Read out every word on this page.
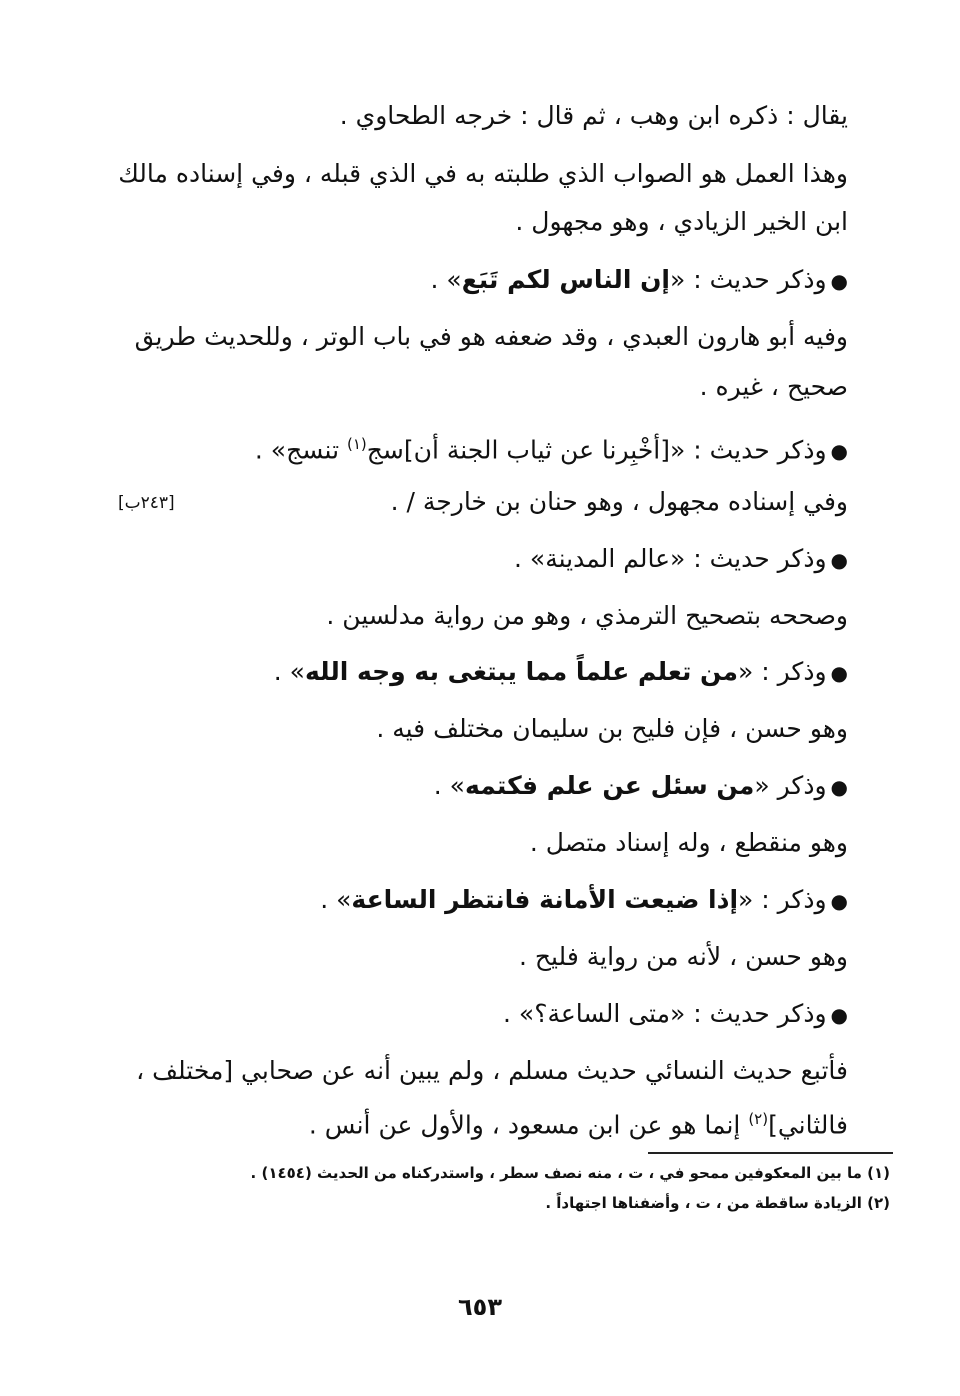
يقال : ذكره ابن وهب ، ثم قال : خرجه الطحاوي .
وهذا العمل هو الصواب الذي طلبته به في الذي قبله ، وفي إسناده مالك
ابن الخير الزيادي ، وهو مجهول .
● وذكر حديث : «إن الناس لكم تَبَع» .
وفيه أبو هارون العبدي ، وقد ضعفه هو في باب الوتر ، وللحديث طريق
صحيح ، غيره .
● وذكر حديث : «[أخْبِرنا عن ثياب الجنة أن]سج$^{(١)}$ تنسج» .
وفي إسناده مجهول ، وهو حنان بن خارجة / .
[٢٤٣ب]
● وذكر حديث : «عالم المدينة» .
وصححه بتصحيح الترمذي ، وهو من رواية مدلسين .
● وذكر : «من تعلم علماً مما يبتغى به وجه الله» .
وهو حسن ، فإن فليح بن سليمان مختلف فيه .
● وذكر «من سئل عن علم فكتمه» .
وهو منقطع ، وله إسناد متصل .
● وذكر : «إذا ضيعت الأمانة فانتظر الساعة» .
وهو حسن ، لأنه من رواية فليح .
● وذكر حديث : «متى الساعة؟» .
فأتبع حديث النسائي حديث مسلم ، ولم يبين أنه عن صحابي [مختلف ،
فالثاني]$^{(٢)}$ إنما هو عن ابن مسعود ، والأول عن أنس .
(١) ما بين المعكوفين ممحو في ، ت ، منه نصف سطر ، واستدركناه من الحديث (١٤٥٤) .
(٢) الزيادة ساقطة من ، ت ، وأضفناها اجتهاداً .
٦٥٣
